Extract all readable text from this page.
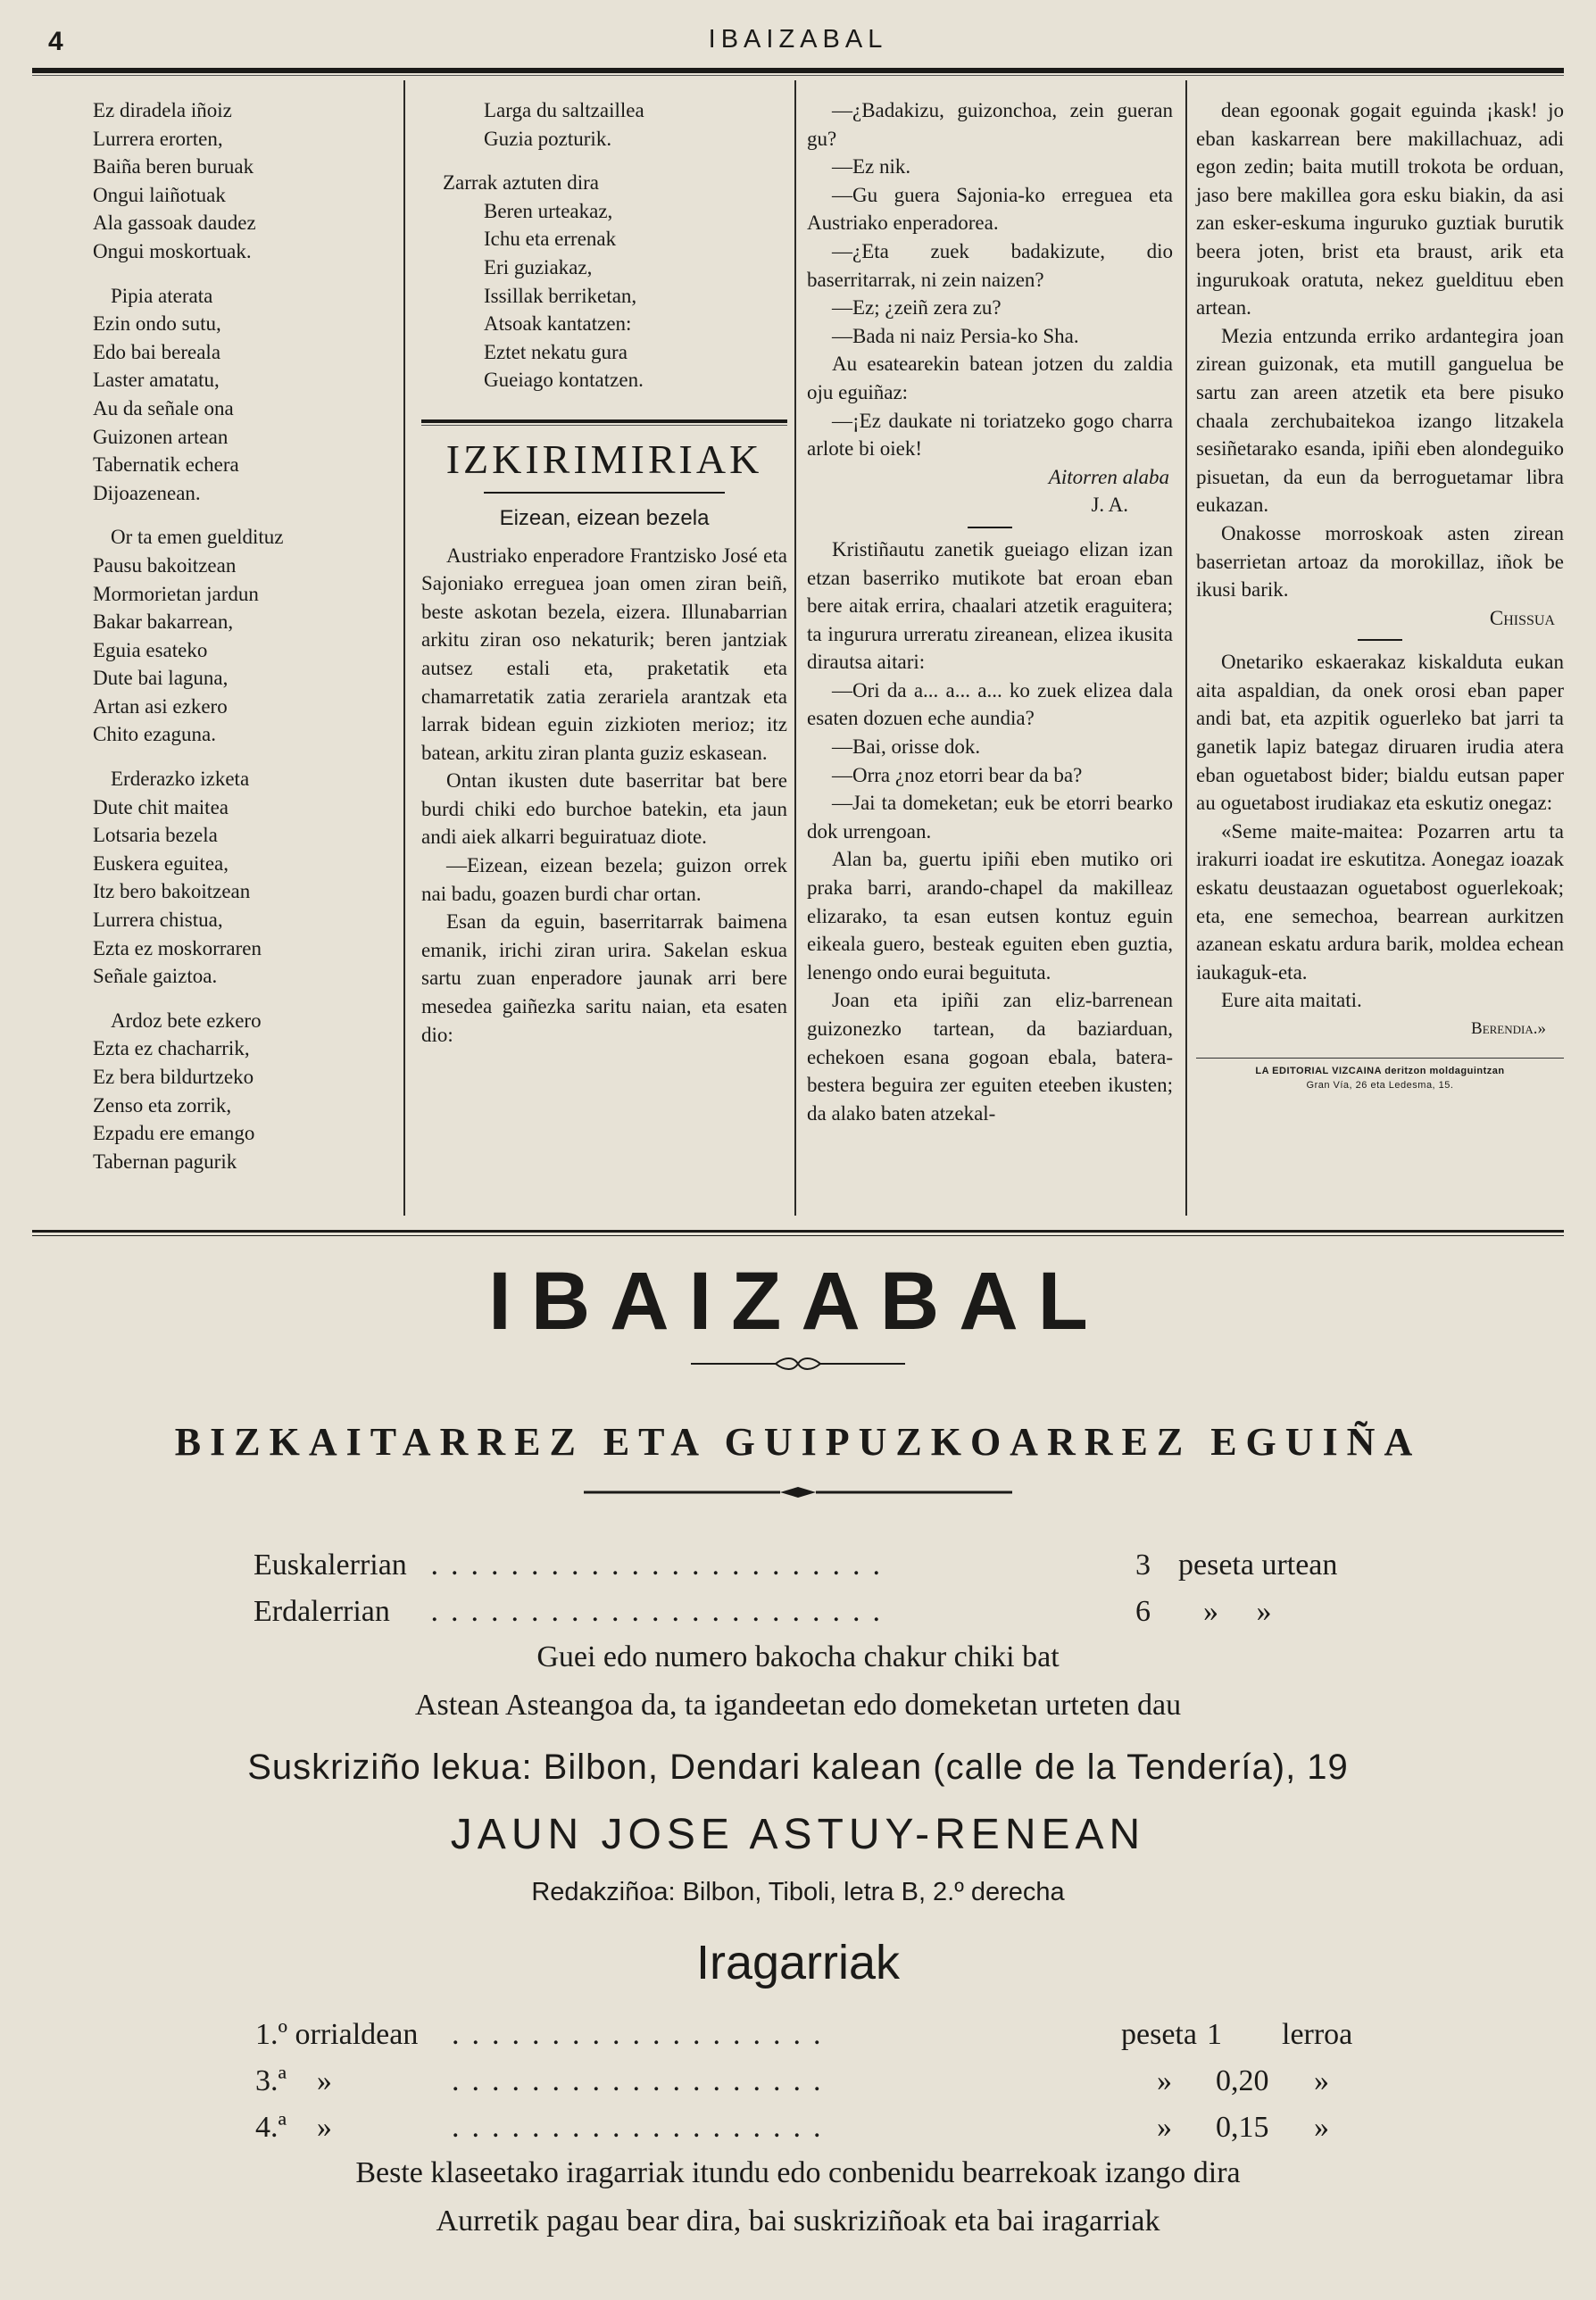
4	IBAIZABAL
Ez diradela iñoiz
Lurrera erorten,
Baiña beren buruak
Ongui laiñotuak
Ala gassoak daudez
Ongui moskortuak.
Pipia aterata
Ezin ondo sutu,
Edo bai bereala
Laster amatatu,
Au da señale ona
Guizonen artean
Tabernatik echera
Dijoazenean.
Or ta emen gueldituz
Pausu bakoitzean
Mormorietan jardun
Bakar bakarrean,
Eguia esateko
Dute bai laguna,
Artan asi ezkero
Chito ezaguna.
Erderazko izketa
Dute chit maitea
Lotsaria bezela
Euskera eguitea,
Itz bero bakoitzean
Lurrera chistua,
Ezta ez moskorraren
Señale gaiztoa.
Ardoz bete ezkero
Ezta ez chacharrik,
Ez bera bildurtzeko
Zenso eta zorrik,
Ezpadu ere emango
Tabernan pagurik
Larga du saltzaillea
Guzia pozturik.
Zarrak aztuten dira
Beren urteakaz,
Ichu eta errenak
Eri guziakaz,
Issillak berriketan,
Atsoak kantatzen:
Eztet nekatu gura
Gueiago kontatzen.
IZKIRIMIRIAK
Eizean, eizean bezela

Austriako enperadore Frantzisko José eta Sajoniako erreguea joan omen ziran beiñ, beste askotan bezela, eizera. Illunabarrian arkitu ziran oso nekaturik; beren jantziak autsez estali eta, praketatik eta chamarretatik zatia zerariela arantzak eta larrak bidean eguin zizkioten merioz; itz batean, arkitu ziran planta guziz eskasean.

Ontan ikusten dute baserritar bat bere burdi chiki edo burchoe batekin, eta jaun andi aiek alkarri beguiratuaz diote.

—Eizean, eizean bezela; guizon orrek nai badu, goazen burdi char ortan.

Esan da eguin, baserritarrak baimena emanik, irichi ziran urira. Sakelan eskua sartu zuan enperadore jaunak arri bere mesedea gaiñezka saritu naian, eta esaten dio:

—¿Badakizu, guizonchoa, zein gueran gu?

—Ez nik.

—Gu guera Sajonia-ko erreguea eta Austriako enperadorea.

—¿Eta zuek badakizute, dio baserritarrak, ni zein naizen?

—Ez; ¿zeiñ zera zu?

—Bada ni naiz Persia-ko Sha.

Au esatearekin batean jotzen du zaldia oju eguiñaz:

—¡Ez daukate ni toriatzeko gogo charra arlote bi oiek!

Aitorren alaba
J. A.

Kristiñautu zanetik gueiago elizan izan etzan baserriko mutikote bat eroan eban bere aitak errira, chaalari atzetik eraguitera; ta ingurura urreratu zireanean, elizea ikusita dirautsa aitari:

—Ori da a... a... a... ko zuek elizea dala esaten dozuen eche aundia?

—Bai, orisse dok.

—Orra ¿noz etorri bear da ba?

—Jai ta domeketan; euk be etorri bearko dok urrengoan.

Alan ba, guertu ipiñi eben mutiko ori praka barri, arando-chapel da makilleaz elizarako, ta esan eutsen kontuz eguin eikeala guero, besteak eguiten eben guztia, lenengo ondo eurai beguituta.

Joan eta ipiñi zan eliz-barrenean guizonezko tartean, da baziarduan, echekoen esana gogoan ebala, batera-bestera beguira zer eguiten eteeben ikusten; da alako baten atzekal-

dean egoonak gogait eguinda ¡kask! jo eban kaskarrean bere makillachuaz, adi egon zedin; baita mutill trokota be orduan, jaso bere makillea gora esku biakin, da asi zan esker-eskuma inguruko guztiak burutik beera joten, brist eta braust, arik eta ingurukoak oratuta, nekez gueldituu eben artean.

Mezia entzunda erriko ardantegira joan zirean guizonak, eta mutill ganguelua be sartu zan areen atzetik eta bere pisuko chaala zerchubaitekoa izango litzakela sesiñetarako esanda, ipiñi eben alondeguiko pisuetan, da eun da berroguetamar libra eukazan.

Onakosse morroskoak asten zirean baserrietan artoaz da morokillaz, iñok be ikusi barik.

Chissua

Onetariko eskaerakaz kiskalduta eukan aita aspaldian, da onek orosi eban paper andi bat, eta azpitik oguerleko bat jarri ta ganetik lapiz bategaz diruaren irudia atera eban oguetabost bider; bialdu eutsan paper au oguetabost irudiakaz eta eskutiz onegaz:

«Seme maite-maitea: Pozarren artu ta irakurri ioadat ire eskutitza. Aonegaz ioazak eskatu deustaazan oguetabost oguerlekoak; eta, ene semechoa, bearrean aurkitzen azanean eskatu ardura barik, moldea echean iaukaguk-eta.

Eure aita maitati.

Berendia.»
LA EDITORIAL VIZCAINA deritzon moldaguintzan
Gran Vía, 26 eta Ledesma, 15.
IBAIZABAL
BIZKAITARREZ ETA GUIPUZKOARREZ EGUIÑA
Euskalerrian .......................	3 peseta urtean
Erdalerrian .......................	6 »     »
Guei edo numero bakocha chakur chiki bat
Astean Asteangoa da, ta igandeetan edo domeketan urteten dau
Suskriziño lekua: Bilbon, Dendari kalean (calle de la Tendería), 19
JAUN JOSE ASTUY-RENEAN
Redakziñoa: Bilbon, Tiboli, letra B, 2.º derecha
Iragarriak
1.º orrialdean ...................	peseta 1 lerroa
3.ª    »	...................	» 0,20 »
4.ª    »	...................	» 0,15 »
Beste klaseetako iragarriak itundu edo conbenidu bearrekoak izango dira
Aurretik pagau bear dira, bai suskriziñoak eta bai iragarriak
